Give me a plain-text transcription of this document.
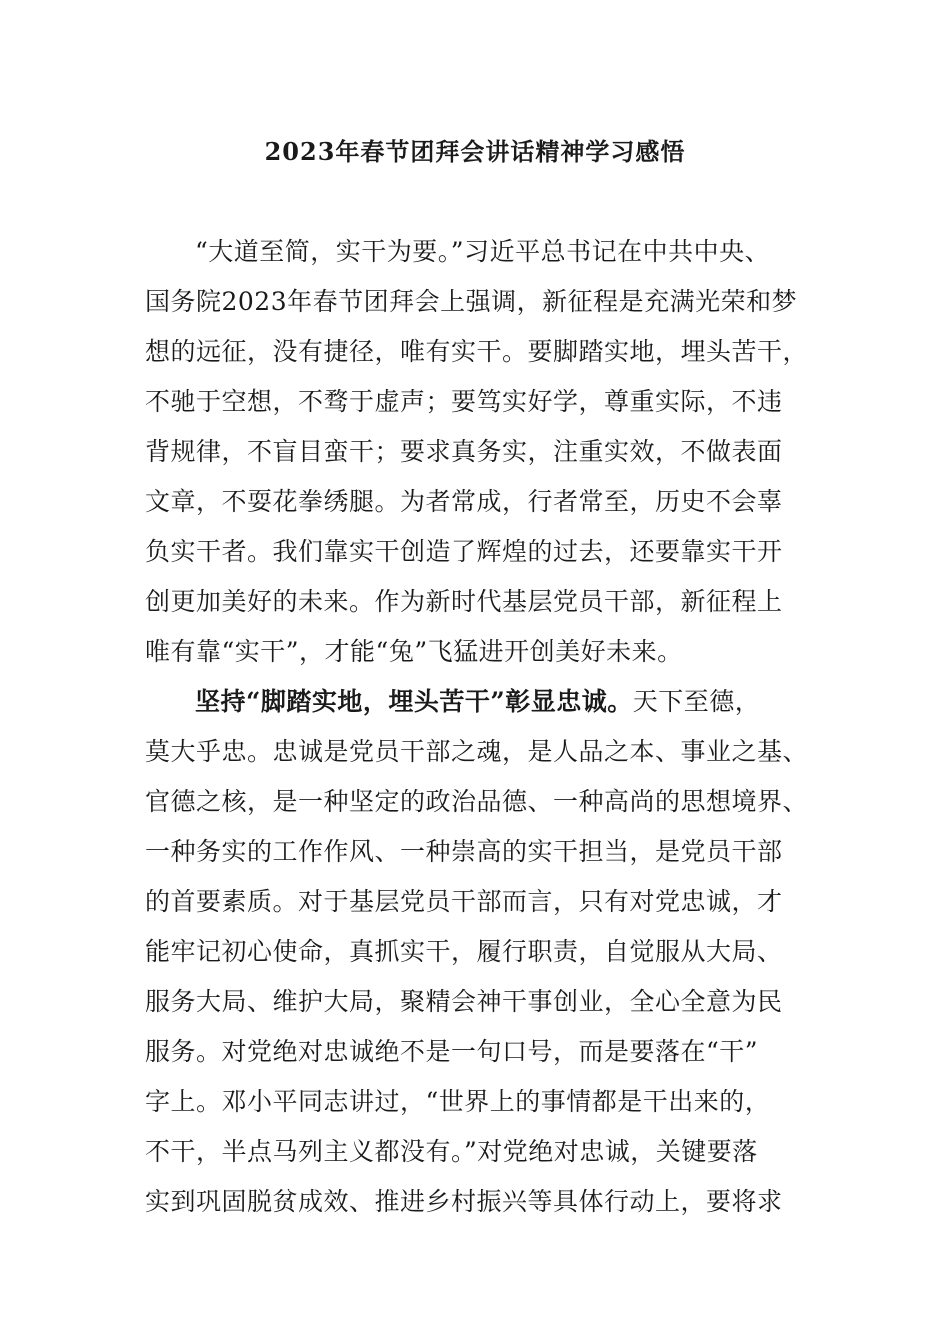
2023年春节团拜会讲话精神学习感悟
“大道至简，实干为要。”习近平总书记在中共中央、
国务院2023年春节团拜会上强调，新征程是充满光荣和梦
想的远征，没有捷径，唯有实干。要脚踏实地，埋头苦干，
不驰于空想，不骛于虚声；要笃实好学，尊重实际，不违
背规律，不盲目蛮干；要求真务实，注重实效，不做表面
文章，不耍花拳绣腿。为者常成，行者常至，历史不会辜
负实干者。我们靠实干创造了辉煌的过去，还要靠实干开
创更加美好的未来。作为新时代基层党员干部，新征程上
唯有靠“实干”，才能“兔”飞猛进开创美好未来。
坚持“脚踏实地，埋头苦干”彰显忠诚。天下至德，
莫大乎忠。忠诚是党员干部之魂，是人品之本、事业之基、
官德之核，是一种坚定的政治品德、一种高尚的思想境界、
一种务实的工作作风、一种崇高的实干担当，是党员干部
的首要素质。对于基层党员干部而言，只有对党忠诚，才
能牢记初心使命，真抓实干，履行职责，自觉服从大局、
服务大局、维护大局，聚精会神干事创业，全心全意为民
服务。对党绝对忠诚绝不是一句口号，而是要落在“干”
字上。邓小平同志讲过，“世界上的事情都是干出来的，
不干，半点马列主义都没有。”对党绝对忠诚，关键要落
实到巩固脱贫成效、推进乡村振兴等具体行动上，要将求
